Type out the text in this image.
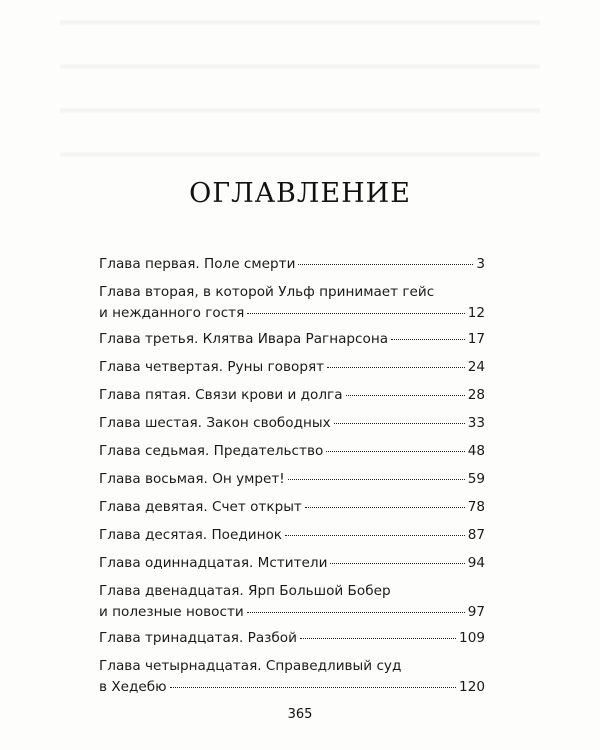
ОГЛАВЛЕНИЕ
Глава первая. Поле смерти	3
Глава вторая, в которой Ульф принимает гейс
и нежданного гостя	12
Глава третья. Клятва Ивара Рагнарсона	17
Глава четвертая. Руны говорят	24
Глава пятая. Связи крови и долга	28
Глава шестая. Закон свободных	33
Глава седьмая. Предательство	48
Глава восьмая. Он умрет!	59
Глава девятая. Счет открыт	78
Глава десятая. Поединок	87
Глава одиннадцатая. Мстители	94
Глава двенадцатая. Ярп Большой Бобер
и полезные новости	97
Глава тринадцатая. Разбой	109
Глава четырнадцатая. Справедливый суд
в Хедебю	120
365
